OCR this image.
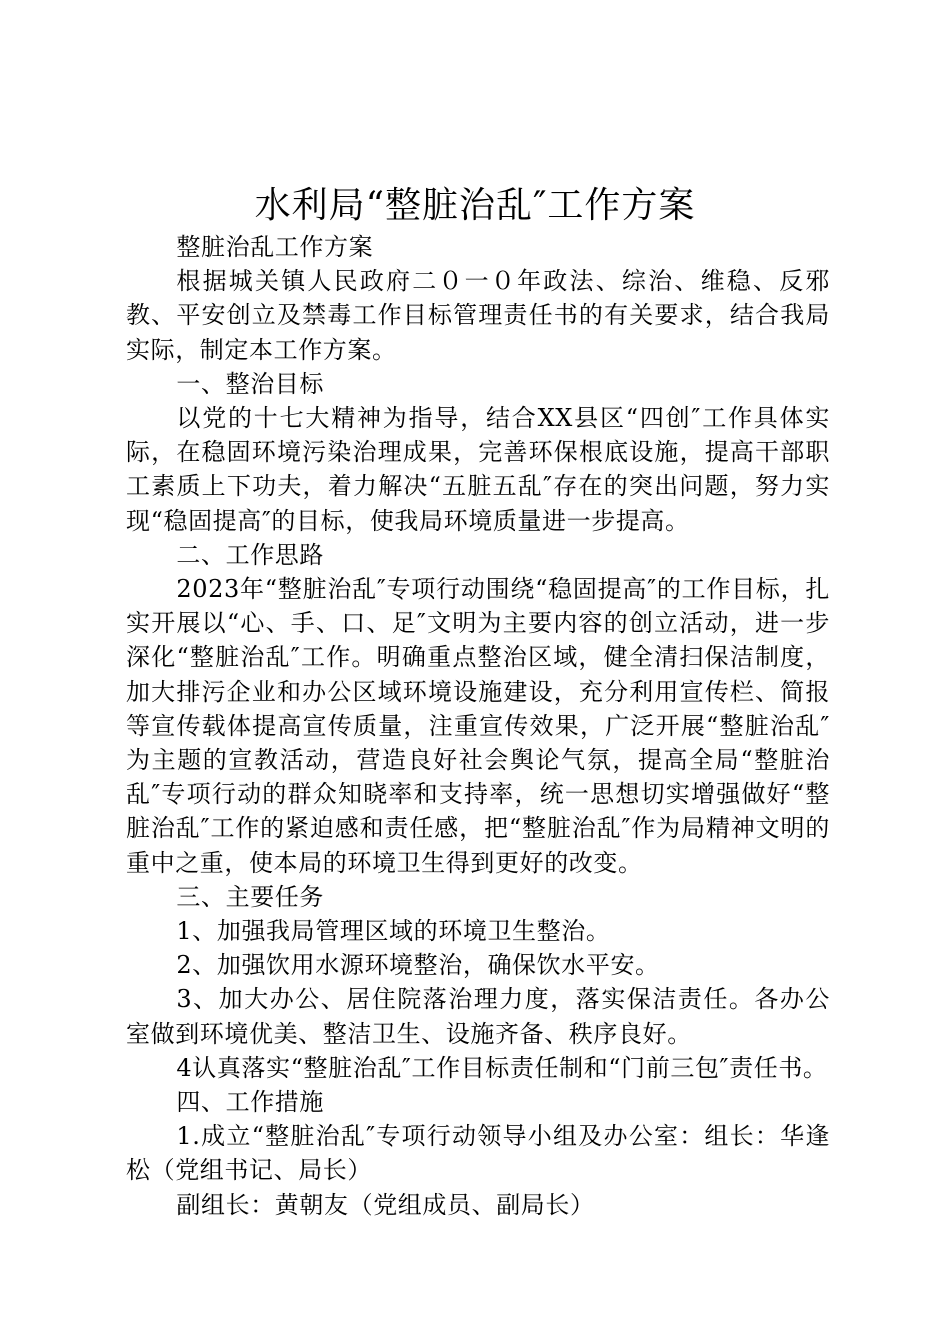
水利局“整脏治乱″工作方案

整脏治乱工作方案

根据城关镇人民政府二０一０年政法、综治、维稳、反邪教、平安创立及禁毒工作目标管理责任书的有关要求，结合我局实际，制定本工作方案。

一、整治目标

以党的十七大精神为指导，结合XX县区“四创″工作具体实际，在稳固环境污染治理成果，完善环保根底设施，提高干部职工素质上下功夫，着力解决“五脏五乱″存在的突出问题，努力实现“稳固提高″的目标，使我局环境质量进一步提高。

二、工作思路

2023年“整脏治乱″专项行动围绕“稳固提高″的工作目标，扎实开展以“心、手、口、足″文明为主要内容的创立活动，进一步深化“整脏治乱″工作。明确重点整治区域，健全清扫保洁制度，加大排污企业和办公区域环境设施建设，充分利用宣传栏、简报等宣传载体提高宣传质量，注重宣传效果，广泛开展“整脏治乱″为主题的宣教活动，营造良好社会舆论气氛，提高全局“整脏治乱″专项行动的群众知晓率和支持率，统一思想切实增强做好“整脏治乱″工作的紧迫感和责任感，把“整脏治乱″作为局精神文明的重中之重，使本局的环境卫生得到更好的改变。

三、主要任务

1、加强我局管理区域的环境卫生整治。

2、加强饮用水源环境整治，确保饮水平安。

3、加大办公、居住院落治理力度，落实保洁责任。各办公室做到环境优美、整洁卫生、设施齐备、秩序良好。

4认真落实“整脏治乱″工作目标责任制和“门前三包″责任书。

四、工作措施

1.成立“整脏治乱″专项行动领导小组及办公室：组长：华逢松（党组书记、局长）

副组长：黄朝友（党组成员、副局长）
